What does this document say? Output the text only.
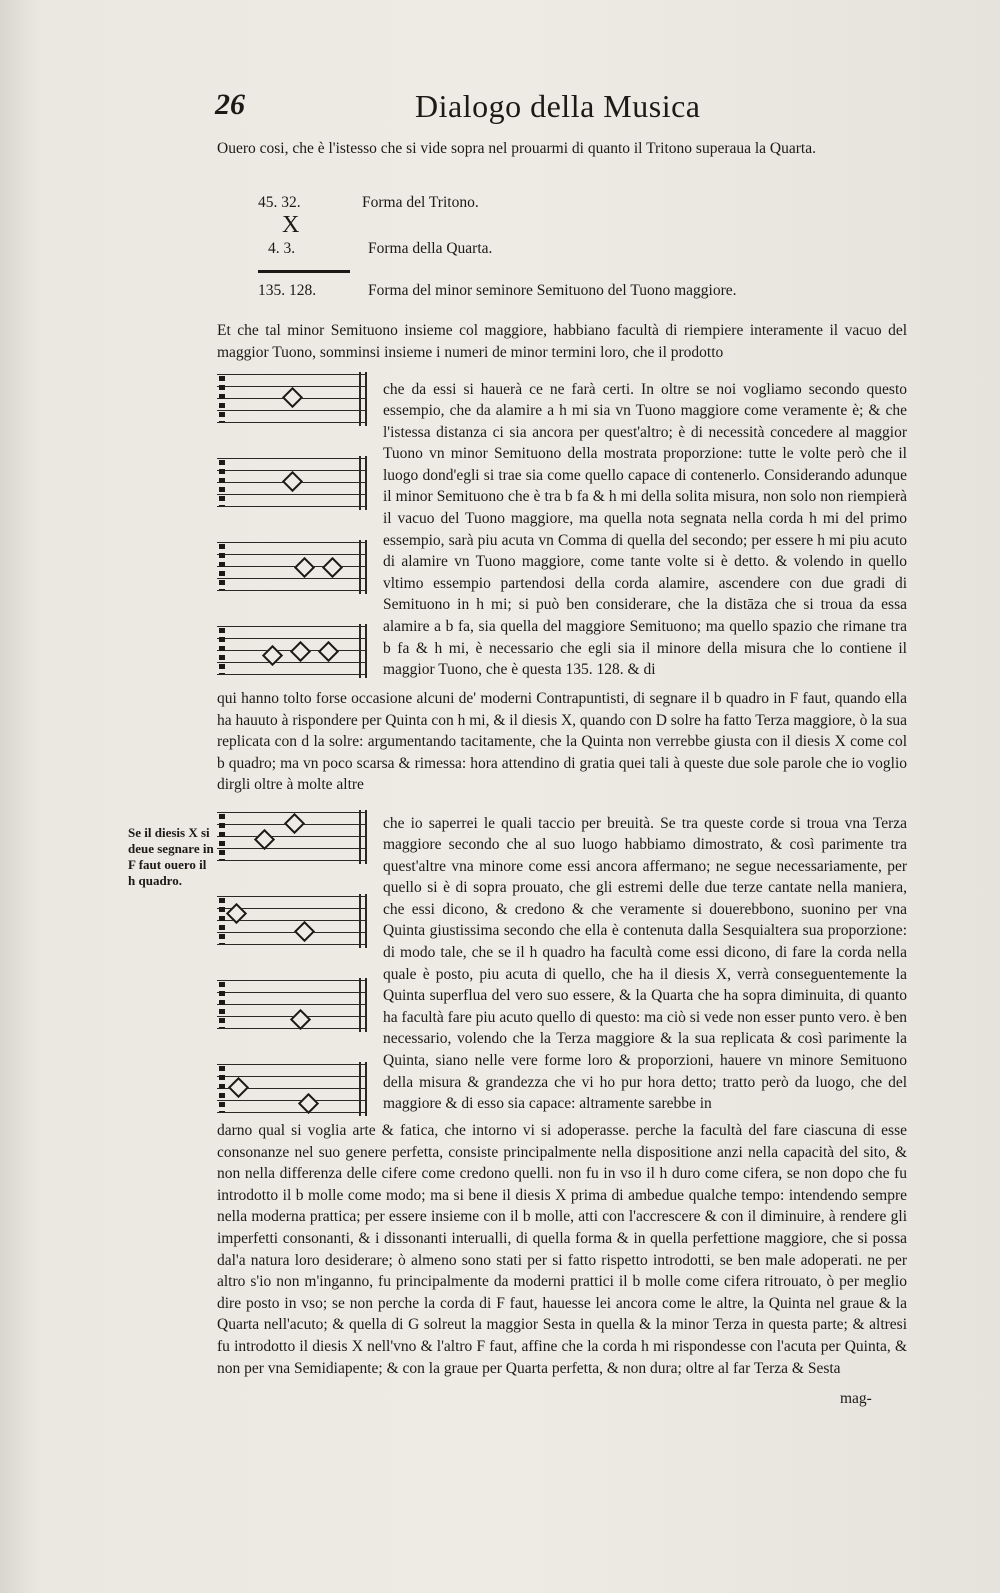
26	Dialogo della Musica

Ouero cosi, che è l'istesso che si vide sopra nel prouarmi di quanto il Tritono superaua la Quarta.

45. 32.	Forma del Tritono.
X
4. 3.	Forma della Quarta.
135. 128.	Forma del minor seminore Semituono del Tuono maggiore.

Et che tal minor Semituono insieme col maggiore, habbiano facultà di riempiere interamente il vacuo del maggior Tuono, somminsi insieme i numeri de minor termini loro, che il prodotto

che da essi si hauerà ce ne farà certi. In oltre se noi vogliamo secondo questo essempio, che da alamire a h mi sia vn Tuono maggiore come veramente è; & che l'istessa distanza ci sia ancora per quest'altro; è di necessità concedere al maggior Tuono vn minor Semituono della mostrata proporzione: tutte le volte però che il luogo dond'egli si trae sia come quello capace di contenerlo. Considerando adunque il minor Semituono che è tra b fa & h mi della solita misura, non solo non riempierà il vacuo del Tuono maggiore, ma quella nota segnata nella corda h mi del primo essempio, sarà piu acuta vn Comma di quella del secondo; per essere h mi piu acuto di alamire vn Tuono maggiore, come tante volte si è detto. & volendo in quello vltimo essempio partendosi della corda alamire, ascendere con due gradi di Semituono in h mi; si può ben considerare, che la distāza che si troua da essa alamire a b fa, sia quella del maggiore Semituono; ma quello spazio che rimane tra b fa & h mi, è necessario che egli sia il minore della misura che lo contiene il maggior Tuono, che è questa 135. 128. & di

qui hanno tolto forse occasione alcuni de' moderni Contrapuntisti, di segnare il b quadro in F faut, quando ella ha hauuto à rispondere per Quinta con h mi, & il diesis X, quando con D solre ha fatto Terza maggiore, ò la sua replicata con d la solre: argumentando tacitamente, che la Quinta non verrebbe giusta con il diesis X come col b quadro; ma vn poco scarsa & rimessa: hora attendino di gratia quei tali à queste due sole parole che io voglio dirgli oltre à molte altre

Se il diesis X si deue segnare in F faut ouero il h quadro.

che io saperrei le quali taccio per breuità. Se tra queste corde si troua vna Terza maggiore secondo che al suo luogo habbiamo dimostrato, & così parimente tra quest'altre vna minore come essi ancora affermano; ne segue necessariamente, per quello si è di sopra prouato, che gli estremi delle due terze cantate nella maniera, che essi dicono, & credono & che veramente si douerebbono, suonino per vna Quinta giustissima secondo che ella è contenuta dalla Sesquialtera sua proporzione: di modo tale, che se il h quadro ha facultà come essi dicono, di fare la corda nella quale è posto, piu acuta di quello, che ha il diesis X, verrà conseguentemente la Quinta superflua del vero suo essere, & la Quarta che ha sopra diminuita, di quanto ha facultà fare piu acuto quello di questo: ma ciò si vede non esser punto vero. è ben necessario, volendo che la Terza maggiore & la sua replicata & così parimente la Quinta, siano nelle vere forme loro & proporzioni, hauere vn minore Semituono della misura & grandezza che vi ho pur hora detto; tratto però da luogo, che del maggiore & di esso sia capace: altramente sarebbe in

darno qual si voglia arte & fatica, che intorno vi si adoperasse. perche la facultà del fare ciascuna di esse consonanze nel suo genere perfetta, consiste principalmente nella dispositione anzi nella capacità del sito, & non nella differenza delle cifere come credono quelli. non fu in vso il h duro come cifera, se non dopo che fu introdotto il b molle come modo; ma si bene il diesis X prima di ambedue qualche tempo: intendendo sempre nella moderna prattica; per essere insieme con il b molle, atti con l'accrescere & con il diminuire, à rendere gli imperfetti consonanti, & i dissonanti interualli, di quella forma & in quella perfettione maggiore, che si possa dal'a natura loro desiderare; ò almeno sono stati per si fatto rispetto introdotti, se ben male adoperati. ne per altro s'io non m'inganno, fu principalmente da moderni prattici il b molle come cifera ritrouato, ò per meglio dire posto in vso; se non perche la corda di F faut, hauesse lei ancora come le altre, la Quinta nel graue & la Quarta nell'acuto; & quella di G solreut la maggior Sesta in quella & la minor Terza in questa parte; & altresi fu introdotto il diesis X nell'vno & l'altro F faut, affine che la corda h mi rispondesse con l'acuta per Quinta, & non per vna Semidiapente; & con la graue per Quarta perfetta, & non dura; oltre al far Terza & Sesta

mag-
